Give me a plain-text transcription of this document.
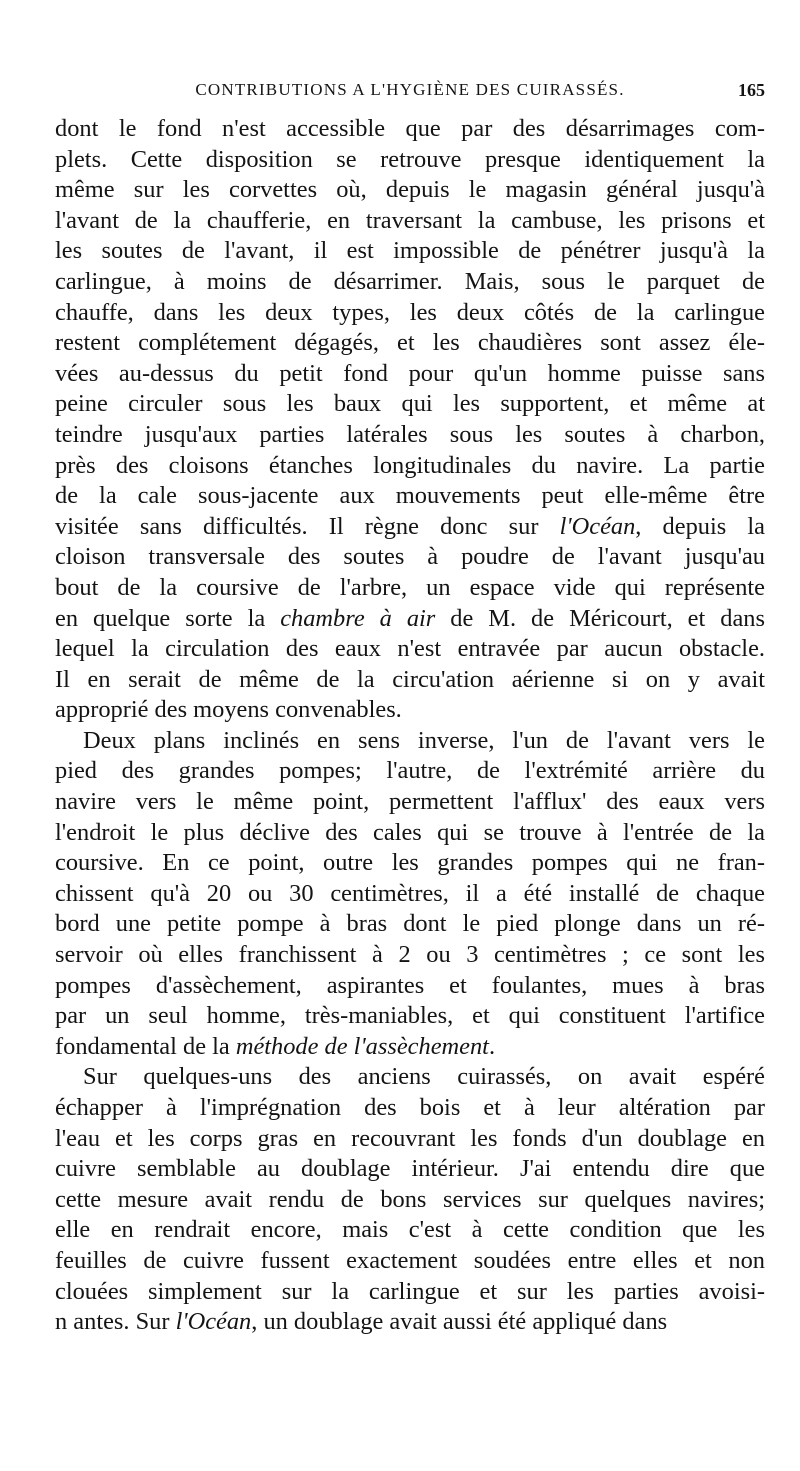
CONTRIBUTIONS A L'HYGIÈNE DES CUIRASSÉS.	165
dont le fond n'est accessible que par des désarrimages com-
plets. Cette disposition se retrouve presque identiquement la
même sur les corvettes où, depuis le magasin général jusqu'à
l'avant de la chaufferie, en traversant la cambuse, les prisons et
les soutes de l'avant, il est impossible de pénétrer jusqu'à la
carlingue, à moins de désarrimer. Mais, sous le parquet de
chauffe, dans les deux types, les deux côtés de la carlingue
restent complétement dégagés, et les chaudières sont assez éle-
vées au-dessus du petit fond pour qu'un homme puisse sans
peine circuler sous les baux qui les supportent, et même at
teindre jusqu'aux parties latérales sous les soutes à charbon,
près des cloisons étanches longitudinales du navire. La partie
de la cale sous-jacente aux mouvements peut elle-même être
visitée sans difficultés. Il règne donc sur l'Océan, depuis la
cloison transversale des soutes à poudre de l'avant jusqu'au
bout de la coursive de l'arbre, un espace vide qui représente
en quelque sorte la chambre à air de M. de Méricourt, et dans
lequel la circulation des eaux n'est entravée par aucun obstacle.
Il en serait de même de la circu'ation aérienne si on y avait
approprié des moyens convenables.
Deux plans inclinés en sens inverse, l'un de l'avant vers le
pied des grandes pompes; l'autre, de l'extrémité arrière du
navire vers le même point, permettent l'afflux' des eaux vers
l'endroit le plus déclive des cales qui se trouve à l'entrée de la
coursive. En ce point, outre les grandes pompes qui ne fran-
chissent qu'à 20 ou 30 centimètres, il a été installé de chaque
bord une petite pompe à bras dont le pied plonge dans un ré-
servoir où elles franchissent à 2 ou 3 centimètres ; ce sont les
pompes d'assèchement, aspirantes et foulantes, mues à bras
par un seul homme, très-maniables, et qui constituent l'artifice
fondamental de la méthode de l'assèchement.
Sur quelques-uns des anciens cuirassés, on avait espéré
échapper à l'imprégnation des bois et à leur altération par
l'eau et les corps gras en recouvrant les fonds d'un doublage en
cuivre semblable au doublage intérieur. J'ai entendu dire que
cette mesure avait rendu de bons services sur quelques navires;
elle en rendrait encore, mais c'est à cette condition que les
feuilles de cuivre fussent exactement soudées entre elles et non
clouées simplement sur la carlingue et sur les parties avoisi-
n antes. Sur l'Océan, un doublage avait aussi été appliqué dans
